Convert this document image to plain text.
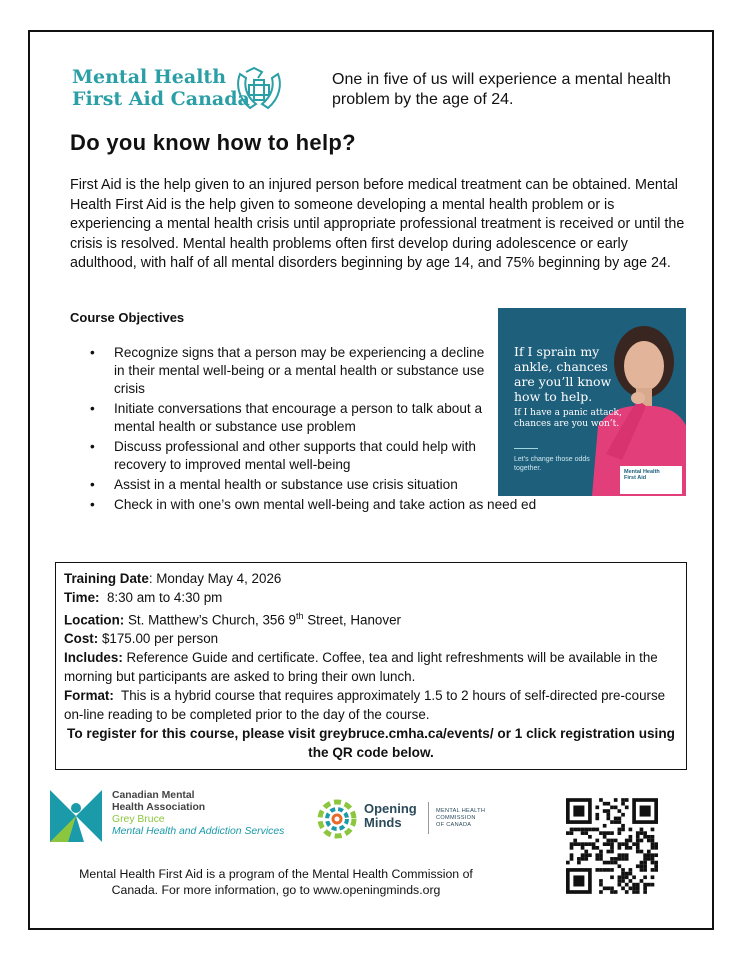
Mental Health
First Aid Canada
One in five of us will experience a mental health problem by the age of 24.
Do you know how to help?

First Aid is the help given to an injured person before medical treatment can be obtained. Mental Health First Aid is the help given to someone developing a mental health problem or is experiencing a mental health crisis until appropriate professional treatment is received or until the crisis is resolved. Mental health problems often first develop during adolescence or early adulthood, with half of all mental disorders beginning by age 14, and 75% beginning by age 24.

Course Objectives
• Recognize signs that a person may be experiencing a decline in their mental well-being or a mental health or substance use crisis
• Initiate conversations that encourage a person to talk about a mental health or substance use problem
• Discuss professional and other supports that could help with recovery to improved mental well-being
• Assist in a mental health or substance use crisis situation
• Check in with one’s own mental well-being and take action as need ed
If I sprain my ankle, chances are you’ll know how to help.
If I have a panic attack, chances are you won’t.
Let’s change those odds together.
Mental Health First Aid
Training Date: Monday May 4, 2026
Time: 8:30 am to 4:30 pm
Location: St. Matthew’s Church, 356 9th Street, Hanover
Cost: $175.00 per person
Includes: Reference Guide and certificate. Coffee, tea and light refreshments will be available in the morning but participants are asked to bring their own lunch.
Format: This is a hybrid course that requires approximately 1.5 to 2 hours of self-directed pre-course on-line reading to be completed prior to the day of the course.
To register for this course, please visit greybruce.cmha.ca/events/ or 1 click registration using the QR code below.
Canadian Mental
Health Association
Grey Bruce
Mental Health and Addiction Services
Opening
Minds
MENTAL HEALTH
COMMISSION
OF CANADA
Mental Health First Aid is a program of the Mental Health Commission of Canada. For more information, go to www.openingminds.org
